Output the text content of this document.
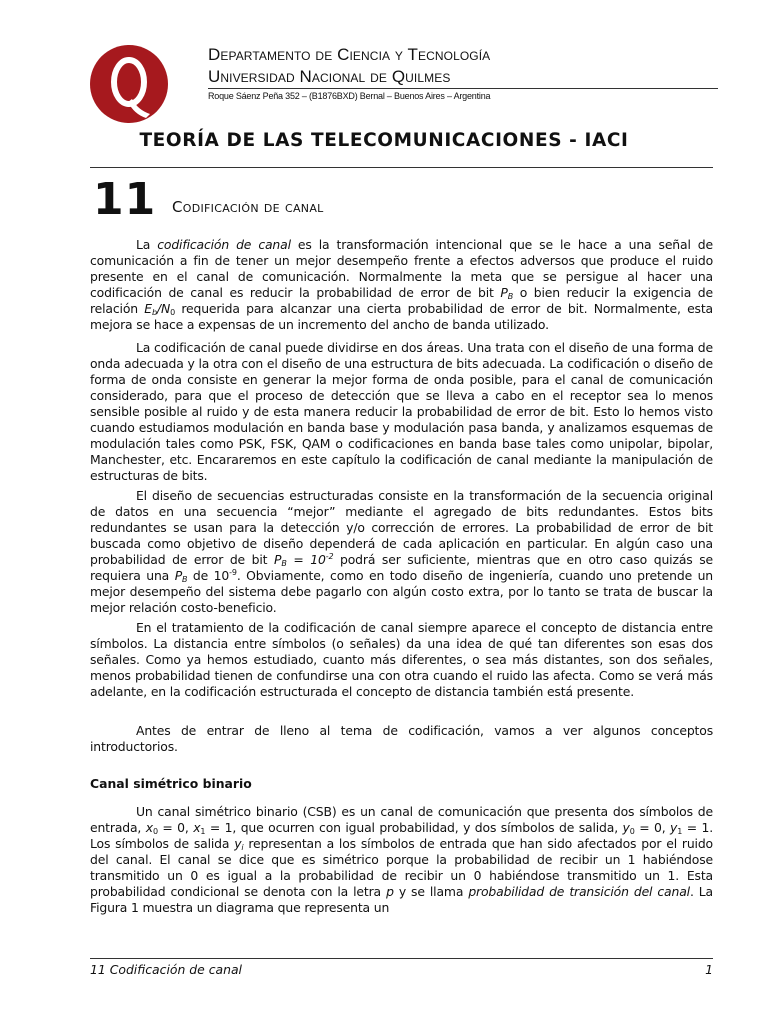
Departamento de Ciencia y Tecnología
Universidad Nacional de Quilmes
Roque Sáenz Peña 352 – (B1876BXD) Bernal – Buenos Aires – Argentina
TEORÍA DE LAS TELECOMUNICACIONES - IACI
11 Codificación de canal

La codificación de canal es la transformación intencional que se le hace a una señal de comunicación a fin de tener un mejor desempeño frente a efectos adversos que produce el ruido presente en el canal de comunicación. Normalmente la meta que se persigue al hacer una codificación de canal es reducir la probabilidad de error de bit $P_B$ o bien reducir la exigencia de relación $E_b/N_0$ requerida para alcanzar una cierta probabilidad de error de bit. Normalmente, esta mejora se hace a expensas de un incremento del ancho de banda utilizado.

La codificación de canal puede dividirse en dos áreas. Una trata con el diseño de una forma de onda adecuada y la otra con el diseño de una estructura de bits adecuada. La codificación o diseño de forma de onda consiste en generar la mejor forma de onda posible, para el canal de comunicación considerado, para que el proceso de detección que se lleva a cabo en el receptor sea lo menos sensible posible al ruido y de esta manera reducir la probabilidad de error de bit. Esto lo hemos visto cuando estudiamos modulación en banda base y modulación pasa banda, y analizamos esquemas de modulación tales como PSK, FSK, QAM o codificaciones en banda base tales como unipolar, bipolar, Manchester, etc. Encararemos en este capítulo la codificación de canal mediante la manipulación de estructuras de bits.

El diseño de secuencias estructuradas consiste en la transformación de la secuencia original de datos en una secuencia “mejor” mediante el agregado de bits redundantes. Estos bits redundantes se usan para la detección y/o corrección de errores. La probabilidad de error de bit buscada como objetivo de diseño dependerá de cada aplicación en particular. En algún caso una probabilidad de error de bit $P_B = 10^{-2}$ podrá ser suficiente, mientras que en otro caso quizás se requiera una $P_B$ de $10^{-9}$. Obviamente, como en todo diseño de ingeniería, cuando uno pretende un mejor desempeño del sistema debe pagarlo con algún costo extra, por lo tanto se trata de buscar la mejor relación costo-beneficio.

En el tratamiento de la codificación de canal siempre aparece el concepto de distancia entre símbolos. La distancia entre símbolos (o señales) da una idea de qué tan diferentes son esas dos señales. Como ya hemos estudiado, cuanto más diferentes, o sea más distantes, son dos señales, menos probabilidad tienen de confundirse una con otra cuando el ruido las afecta. Como se verá más adelante, en la codificación estructurada el concepto de distancia también está presente.

Antes de entrar de lleno al tema de codificación, vamos a ver algunos conceptos introductorios.

Canal simétrico binario

Un canal simétrico binario (CSB) es un canal de comunicación que presenta dos símbolos de entrada, $x_0 = 0$, $x_1 = 1$, que ocurren con igual probabilidad, y dos símbolos de salida, $y_0 = 0$, $y_1 = 1$. Los símbolos de salida $y_i$ representan a los símbolos de entrada que han sido afectados por el ruido del canal. El canal se dice que es simétrico porque la probabilidad de recibir un 1 habiéndose transmitido un 0 es igual a la probabilidad de recibir un 0 habiéndose transmitido un 1. Esta probabilidad condicional se denota con la letra p y se llama probabilidad de transición del canal. La Figura 1 muestra un diagrama que representa un

11 Codificación de canal	1
